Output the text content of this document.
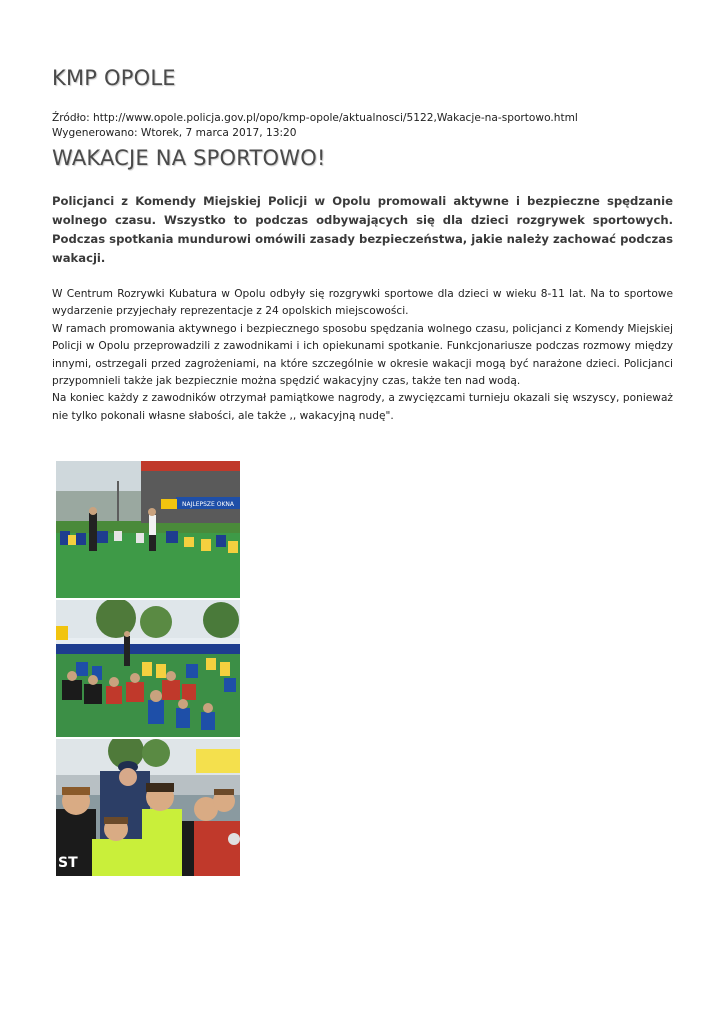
KMP OPOLE
Źródło: http://www.opole.policja.gov.pl/opo/kmp-opole/aktualnosci/5122,Wakacje-na-sportowo.html
Wygenerowano: Wtorek, 7 marca 2017, 13:20
WAKACJE NA SPORTOWO!
Policjanci z Komendy Miejskiej Policji w Opolu promowali aktywne i bezpieczne spędzanie wolnego czasu. Wszystko to podczas odbywających się dla dzieci rozgrywek sportowych. Podczas spotkania mundurowi omówili zasady bezpieczeństwa, jakie należy zachować podczas wakacji.

W Centrum Rozrywki Kubatura w Opolu odbyły się rozgrywki sportowe dla dzieci w wieku 8-11 lat. Na to sportowe wydarzenie przyjechały reprezentacje z 24 opolskich miejscowości.

W ramach promowania aktywnego i bezpiecznego sposobu spędzania wolnego czasu, policjanci z Komendy Miejskiej Policji w Opolu przeprowadzili z zawodnikami i ich opiekunami spotkanie. Funkcjonariusze podczas rozmowy między innymi, ostrzegali przed zagrożeniami, na które szczególnie w okresie wakacji mogą być narażone dzieci. Policjanci przypomnieli także jak bezpiecznie można spędzić wakacyjny czas, także ten nad wodą.

Na koniec każdy z zawodników otrzymał pamiątkowe nagrody, a zwycięzcami turnieju okazali się wszyscy, ponieważ nie tylko pokonali własne słabości, ale także ,, wakacyjną nudę".

NAJLEPSZE OKNA
ST
